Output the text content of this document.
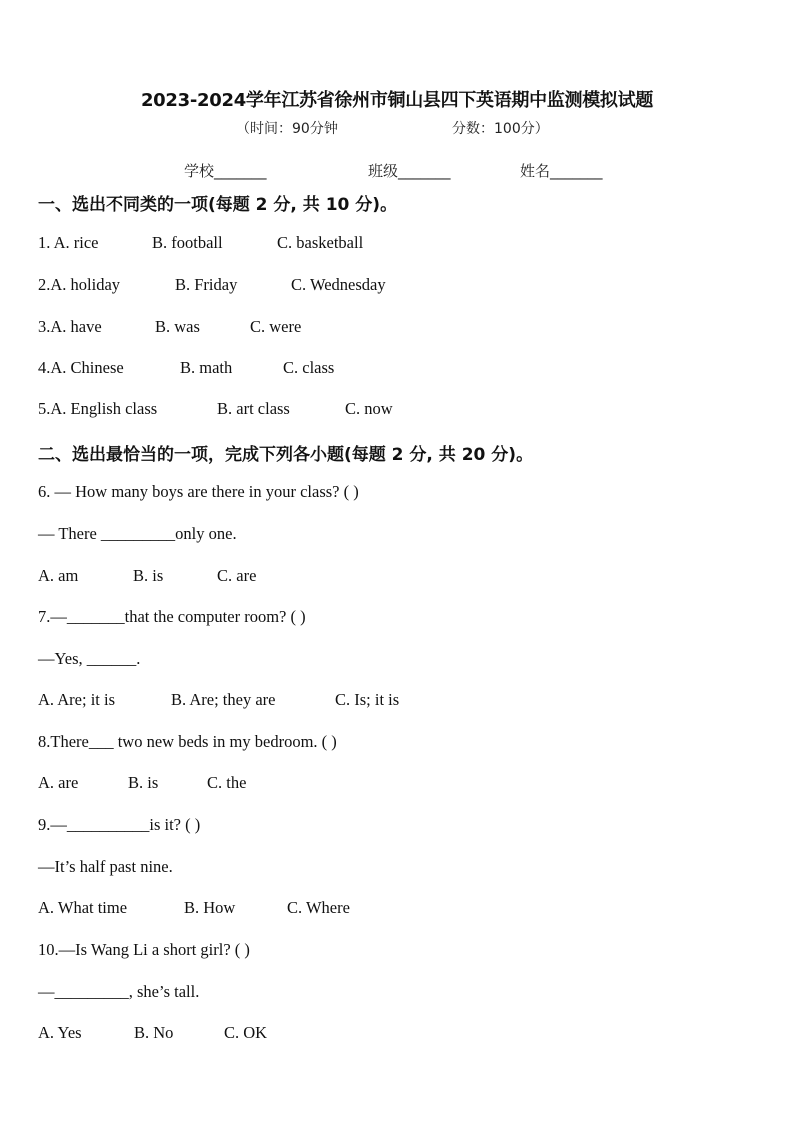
2023-2024学年江苏省徐州市铜山县四下英语期中监测模拟试题
（时间：90分钟	分数：100分）
学校_______	班级_______	姓名_______
一、选出不同类的一项(每题 2 分, 共 10 分)。
1. A. rice	B. football	C. basketball
2.A. holiday	B. Friday	C. Wednesday
3.A. have	B. was	C. were
4.A. Chinese	B. math	C. class
5.A. English class	B. art class	C. now
二、选出最恰当的一项，完成下列各小题(每题 2 分, 共 20 分)。
6. — How many boys are there in your class? ( )
— There _________only one.
A. am	B. is	C. are
7.—_______that the computer room? ( )
—Yes, ______.
A. Are; it is	B. Are; they are	C. Is; it is
8.There___ two new beds in my bedroom. ( )
A. are	B. is	C. the
9.—__________is it? ( )
—It’s half past nine.
A. What time	B. How	C. Where
10.—Is Wang Li a short girl? ( )
—_________, she’s tall.
A. Yes	B. No	C. OK
